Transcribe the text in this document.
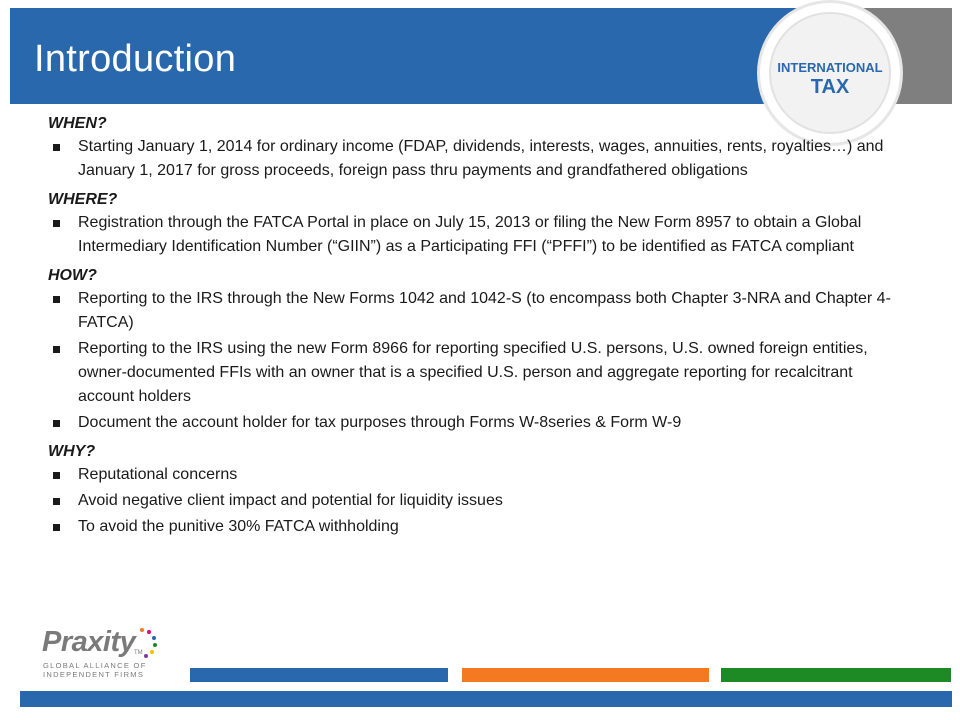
Introduction	INTERNATIONAL
TAX

WHEN?

Starting January 1, 2014 for ordinary income (FDAP, dividends, interests, wages, annuities, rents, royalties…) and January 1, 2017 for gross proceeds, foreign pass thru payments and grandfathered obligations

WHERE?

Registration through the FATCA Portal in place on July 15, 2013 or filing the New Form 8957 to obtain a Global Intermediary Identification Number (“GIIN”) as a Participating FFI (“PFFI”) to be identified as FATCA compliant

HOW?

Reporting to the IRS through the New Forms 1042 and 1042-S (to encompass both Chapter 3-NRA and Chapter 4-FATCA)
Reporting to the IRS using the new Form 8966 for reporting specified U.S. persons, U.S. owned foreign entities, owner-documented FFIs with an owner that is a specified U.S. person and aggregate reporting for recalcitrant account holders
Document the account holder for tax purposes through Forms W-8series & Form W-9

WHY?

Reputational concerns
Avoid negative client impact and potential for liquidity issues
To avoid the punitive 30% FATCA withholding
Praxity
TM
GLOBAL ALLIANCE OF
INDEPENDENT FIRMS
